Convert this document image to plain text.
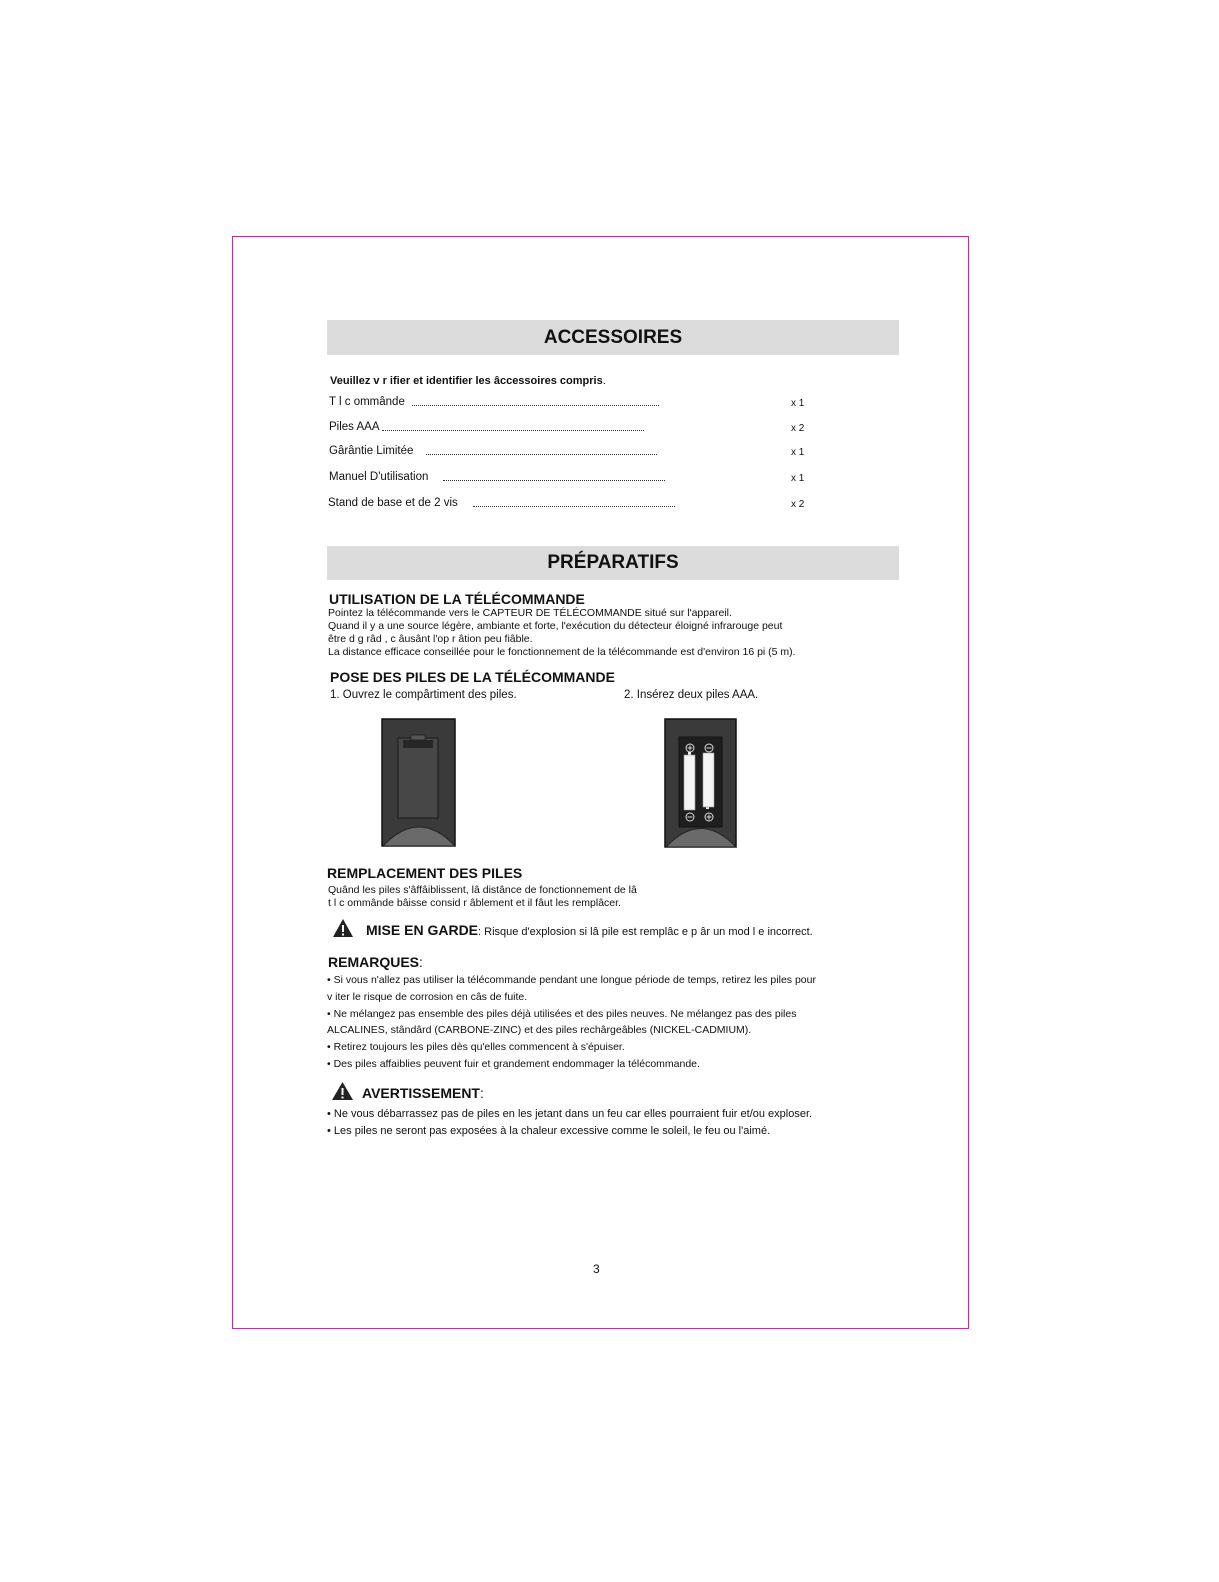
ACCESSOIRES
Veuillez v r ifier et identifier les âccessoires compris.
T l c ommânde	x 1
Piles AAA	x 2
Gârântie Limitée	x 1
Manuel D'utilisation	x 1
Stand de base et de 2 vis	x 2
PRÉPARATIFS
UTILISATION DE LA TÉLÉCOMMANDE
Pointez la télécommande vers le CAPTEUR DE TÉLÉCOMMANDE situé sur l'appareil.
Quand il y a une source légère, ambiante et forte, l'exécution du détecteur éloigné infrarouge peut
être d g râd , c âusânt l'op r âtion peu fiâble.
La distance efficace conseillée pour le fonctionnement de la télécommande est d'environ 16 pi (5 m).
POSE DES PILES DE LA TÉLÉCOMMANDE
1. Ouvrez le compârtiment des piles.	2. Insérez deux piles AAA.
REMPLACEMENT DES PILES
Quând les piles s'âffâiblissent, lâ distânce de fonctionnement de lâ
t l c ommânde bâisse consid r âblement et il fâut les remplâcer.
MISE EN GARDE: Risque d'explosion si lâ pile est remplâc e p âr un mod l e incorrect.
REMARQUES:
• Si vous n'allez pas utiliser la télécommande pendant une longue période de temps, retirez les piles pour
v iter le risque de corrosion en câs de fuite.
• Ne mélangez pas ensemble des piles déjà utilisées et des piles neuves. Ne mélangez pas des piles
ALCALINES, stândârd (CARBONE-ZINC) et des piles rechârgeâbles (NICKEL-CADMIUM).
• Retirez toujours les piles dès qu'elles commencent à s'épuiser.
• Des piles affaiblies peuvent fuir et grandement endommager la télécommande.
AVERTISSEMENT:
• Ne vous débarrassez pas de piles en les jetant dans un feu car elles pourraient fuir et/ou exploser.
• Les piles ne seront pas exposées à la chaleur excessive comme le soleil, le feu ou l'aimé.
3
